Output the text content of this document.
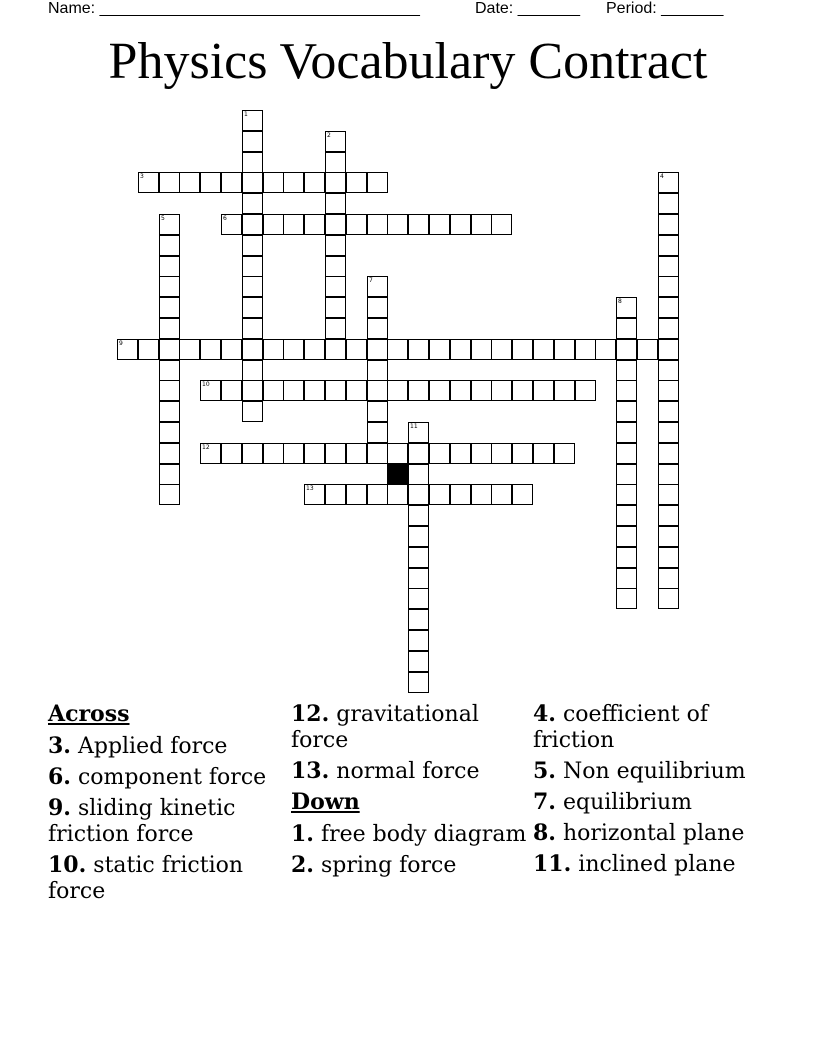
Name: ____________________________________	Date: _______ Period: _______
Physics Vocabulary Contract
1
2
3	4
5	6
7
8
9
10
11
12
13
Across
3. Applied force
6. component force
9. sliding kinetic friction force
10. static friction force
12. gravitational force
13. normal force
Down
1. free body diagram
2. spring force
4. coefficient of friction
5. Non equilibrium
7. equilibrium
8. horizontal plane
11. inclined plane
